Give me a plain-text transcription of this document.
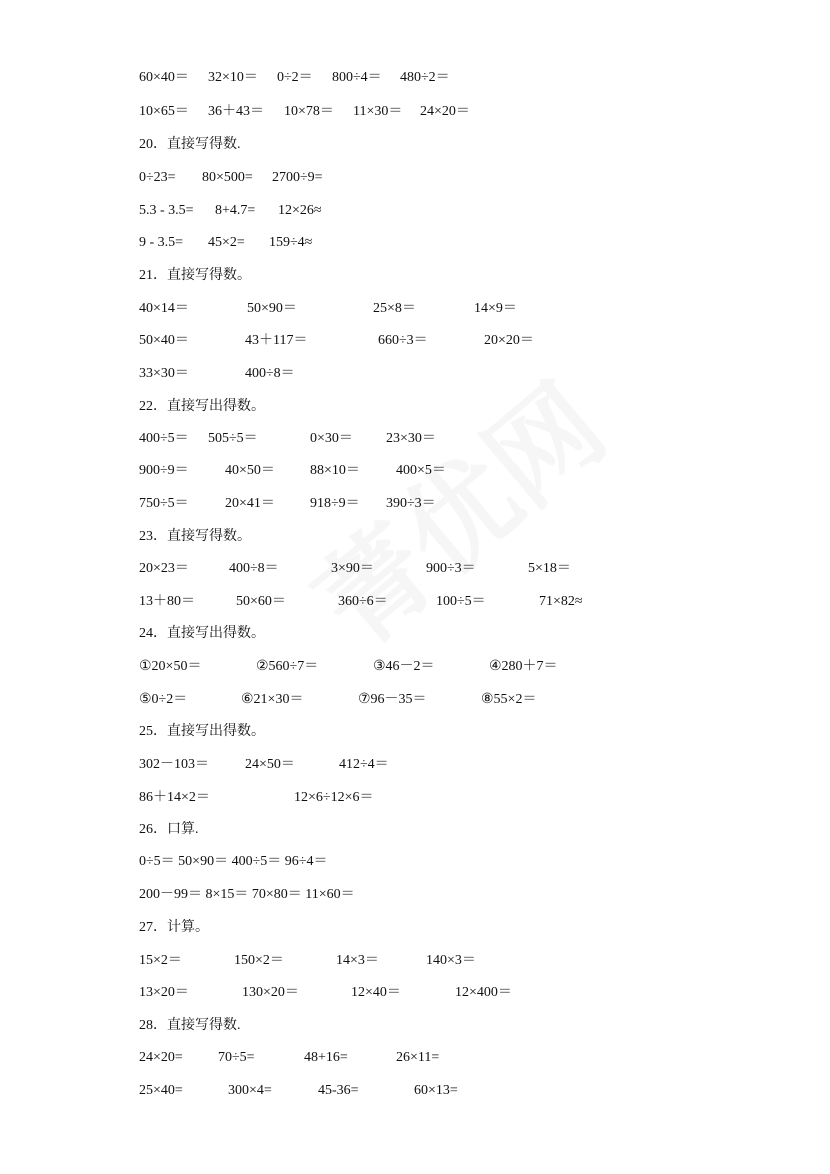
60×40＝ 32×10＝ 0÷2＝ 800÷4＝ 480÷2＝
10×65＝ 36＋43＝ 10×78＝ 11×30＝ 24×20＝
20．直接写得数.
0÷23= 80×500= 2700÷9=
5.3 - 3.5= 8+4.7= 12×26≈
9 - 3.5= 45×2= 159÷4≈
21．直接写得数。
40×14＝	50×90＝	25×8＝	14×9＝
50×40＝	43＋117＝	660÷3＝	20×20＝
33×30＝	400÷8＝
22．直接写出得数。
400÷5＝ 505÷5＝	0×30＝ 23×30＝
900÷9＝	40×50＝	88×10＝	400×5＝
750÷5＝	20×41＝	918÷9＝ 390÷3＝
23．直接写得数。
20×23＝	400÷8＝	3×90＝	900÷3＝	5×18＝
13＋80＝	50×60＝	360÷6＝	100÷5＝	71×82≈
24．直接写出得数。
①20×50＝	②560÷7＝	③46－2＝	④280＋7＝
⑤0÷2＝	⑥21×30＝	⑦96－35＝	⑧55×2＝
25．直接写出得数。
302－103＝	24×50＝	412÷4＝
86＋14×2＝	12×6÷12×6＝
26．口算.
0÷5＝ 50×90＝ 400÷5＝ 96÷4＝
200－99＝ 8×15＝ 70×80＝ 11×60＝
27．计算。
15×2＝	150×2＝	14×3＝	140×3＝
13×20＝	130×20＝	12×40＝	12×400＝
28．直接写得数.
24×20=	70÷5=	48+16=	26×11=
25×40=	300×4=	45-36=	60×13=
